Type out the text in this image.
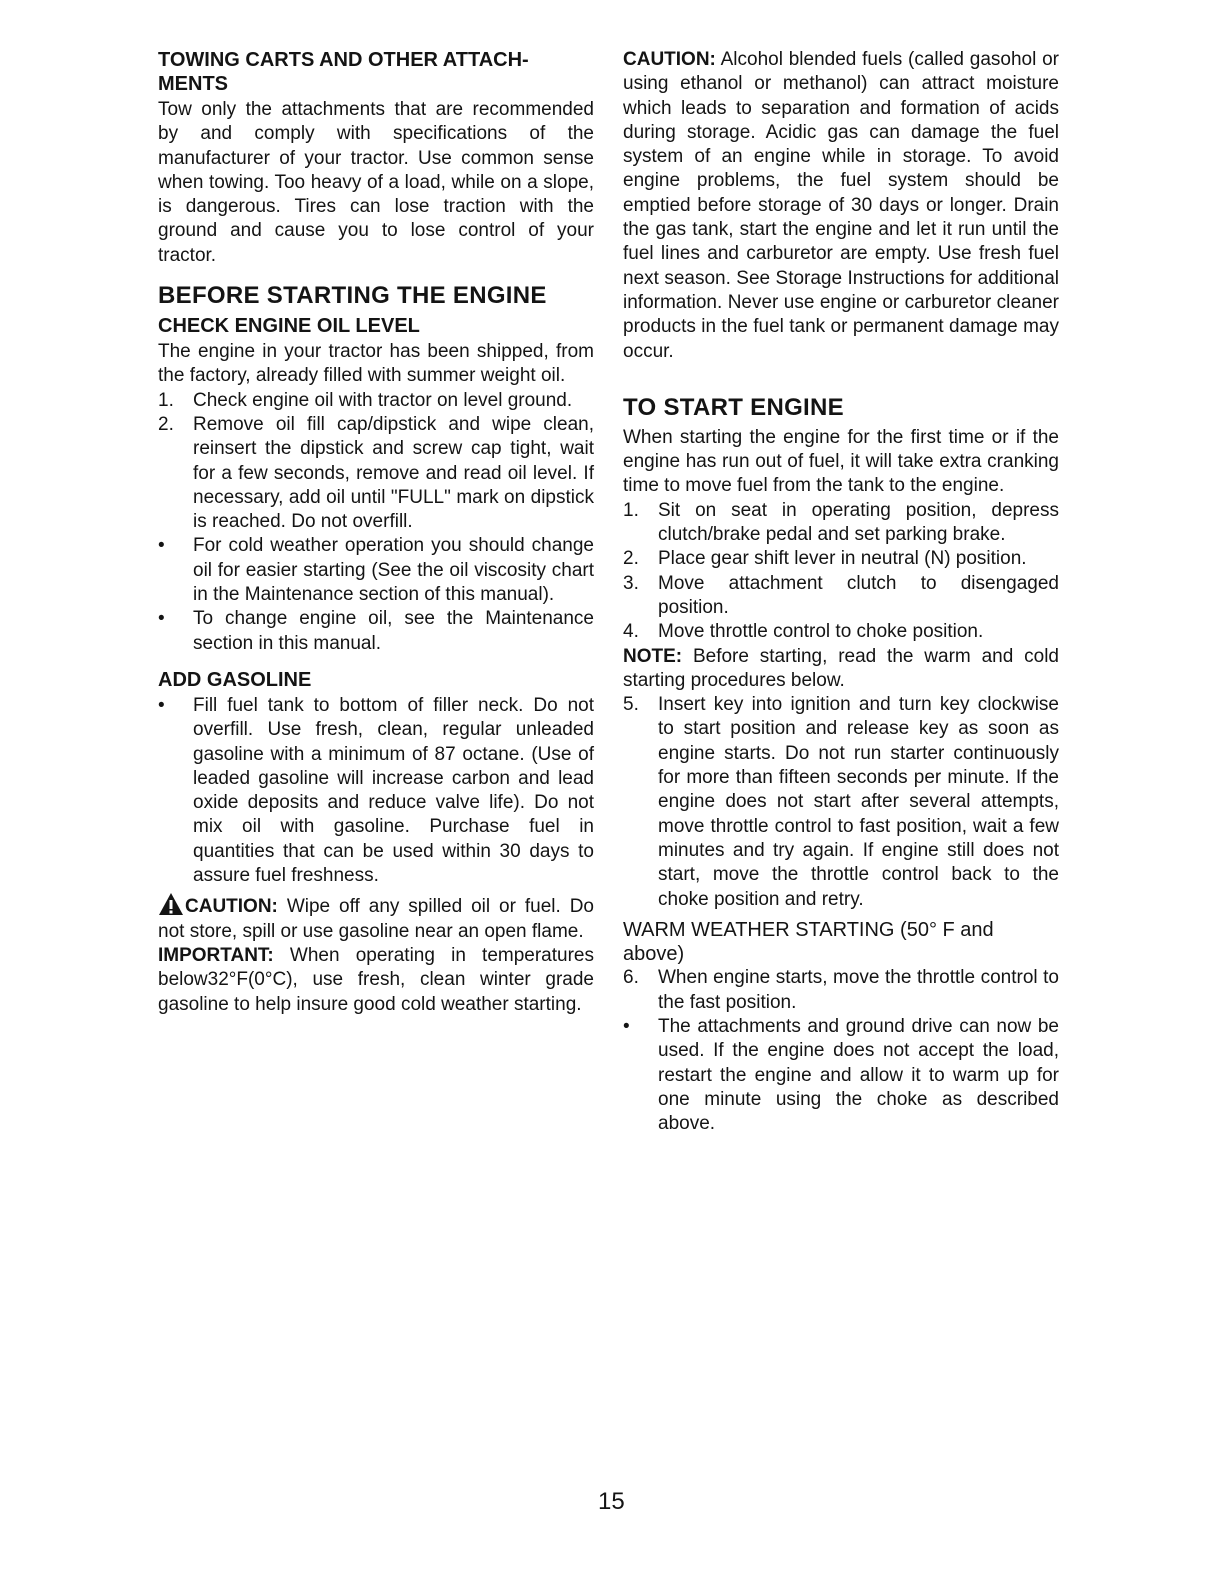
TOWING CARTS AND OTHER ATTACH-
MENTS

Tow only the attachments that are recommended by and comply with specifications of the manufacturer of your tractor. Use common sense when towing. Too heavy of a load, while on a slope, is dangerous. Tires can lose traction with the ground and cause you to lose control of your tractor.

BEFORE STARTING THE ENGINE
CHECK ENGINE OIL LEVEL

The engine in your tractor has been shipped, from the factory, already filled with summer weight oil.

1. Check engine oil with tractor on level ground.
2. Remove oil fill cap/dipstick and wipe clean, reinsert the dipstick and screw cap tight, wait for a few seconds, remove and read oil level. If necessary, add oil until "FULL" mark on dipstick is reached. Do not overfill.
• For cold weather operation you should change oil for easier starting (See the oil viscosity chart in the Maintenance section of this manual).
• To change engine oil, see the Maintenance section in this manual.
ADD GASOLINE
• Fill fuel tank to bottom of filler neck. Do not overfill. Use fresh, clean, regular unleaded gasoline with a minimum of 87 octane. (Use of leaded gasoline will increase carbon and lead oxide deposits and reduce valve life). Do not mix oil with gasoline. Purchase fuel in quantities that can be used within 30 days to assure fuel freshness.

CAUTION: Wipe off any spilled oil or fuel. Do not store, spill or use gasoline near an open flame.

IMPORTANT: When operating in temperatures below32°F(0°C), use fresh, clean winter grade gasoline to help insure good cold weather starting.

CAUTION: Alcohol blended fuels (called gasohol or using ethanol or methanol) can attract moisture which leads to separation and formation of acids during storage. Acidic gas can damage the fuel system of an engine while in storage. To avoid engine problems, the fuel system should be emptied before storage of 30 days or longer. Drain the gas tank, start the engine and let it run until the fuel lines and carburetor are empty. Use fresh fuel next season. See Storage Instructions for additional information. Never use engine or carburetor cleaner products in the fuel tank or permanent damage may occur.

TO START ENGINE

When starting the engine for the first time or if the engine has run out of fuel, it will take extra cranking time to move fuel from the tank to the engine.

1. Sit on seat in operating position, depress clutch/brake pedal and set parking brake.
2. Place gear shift lever in neutral (N) position.
3. Move attachment clutch to disengaged position.
4. Move throttle control to choke position.

NOTE: Before starting, read the warm and cold starting procedures below.

5. Insert key into ignition and turn key clockwise to start position and release key as soon as engine starts. Do not run starter continuously for more than fifteen seconds per minute. If the engine does not start after several attempts, move throttle control to fast position, wait a few minutes and try again. If engine still does not start, move the throttle control back to the choke position and retry.

WARM WEATHER STARTING (50° F and above)

6. When engine starts, move the throttle control to the fast position.
• The attachments and ground drive can now be used. If the engine does not accept the load, restart the engine and allow it to warm up for one minute using the choke as described above.
15
